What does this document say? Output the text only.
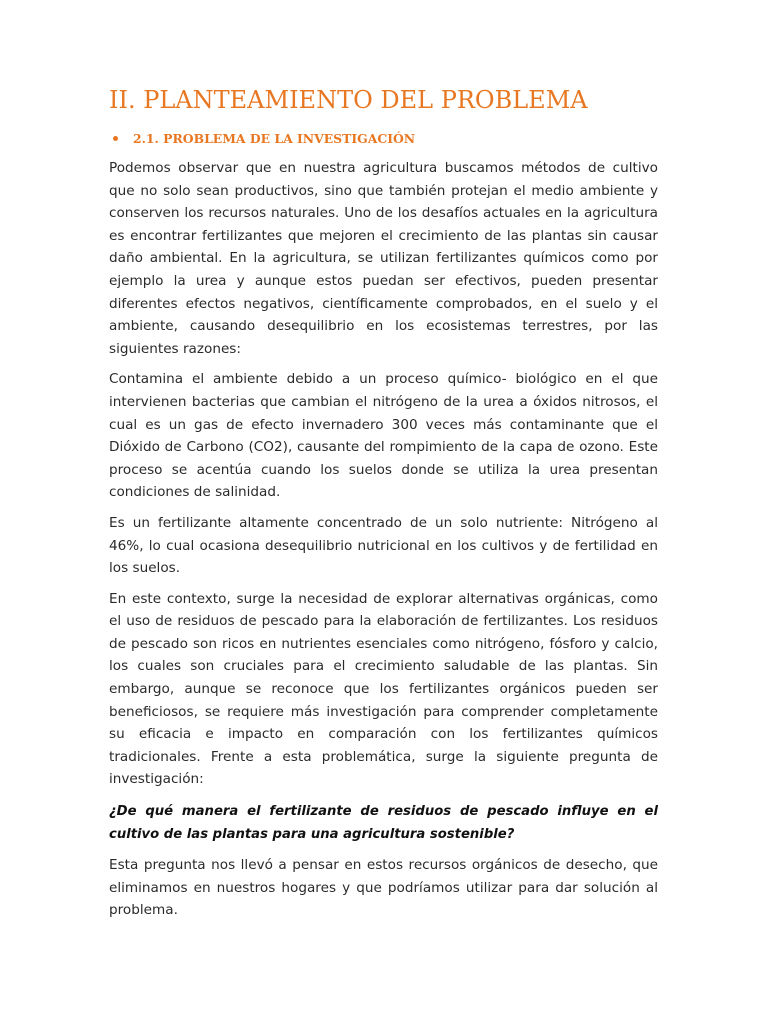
II. PLANTEAMIENTO DEL PROBLEMA
2.1. PROBLEMA DE LA INVESTIGACIÓN

Podemos observar que en nuestra agricultura buscamos métodos de cultivo que no solo sean productivos, sino que también protejan el medio ambiente y conserven los recursos naturales. Uno de los desafíos actuales en la agricultura es encontrar fertilizantes que mejoren el crecimiento de las plantas sin causar daño ambiental. En la agricultura, se utilizan fertilizantes químicos como por ejemplo la urea y aunque estos puedan ser efectivos, pueden presentar diferentes efectos negativos, científicamente comprobados, en el suelo y el ambiente, causando desequilibrio en los ecosistemas terrestres, por las siguientes razones:

Contamina el ambiente debido a un proceso químico- biológico en el que intervienen bacterias que cambian el nitrógeno de la urea a óxidos nitrosos, el cual es un gas de efecto invernadero 300 veces más contaminante que el Dióxido de Carbono (CO2), causante del rompimiento de la capa de ozono. Este proceso se acentúa cuando los suelos donde se utiliza la urea presentan condiciones de salinidad.

Es un fertilizante altamente concentrado de un solo nutriente: Nitrógeno al 46%, lo cual ocasiona desequilibrio nutricional en los cultivos y de fertilidad en los suelos.

En este contexto, surge la necesidad de explorar alternativas orgánicas, como el uso de residuos de pescado para la elaboración de fertilizantes. Los residuos de pescado son ricos en nutrientes esenciales como nitrógeno, fósforo y calcio, los cuales son cruciales para el crecimiento saludable de las plantas. Sin embargo, aunque se reconoce que los fertilizantes orgánicos pueden ser beneficiosos, se requiere más investigación para comprender completamente su eficacia e impacto en comparación con los fertilizantes químicos tradicionales. Frente a esta problemática, surge la siguiente pregunta de investigación:

¿De qué manera el fertilizante de residuos de pescado influye en el cultivo de las plantas para una agricultura sostenible?

Esta pregunta nos llevó a pensar en estos recursos orgánicos de desecho, que eliminamos en nuestros hogares y que podríamos utilizar para dar solución al problema.
